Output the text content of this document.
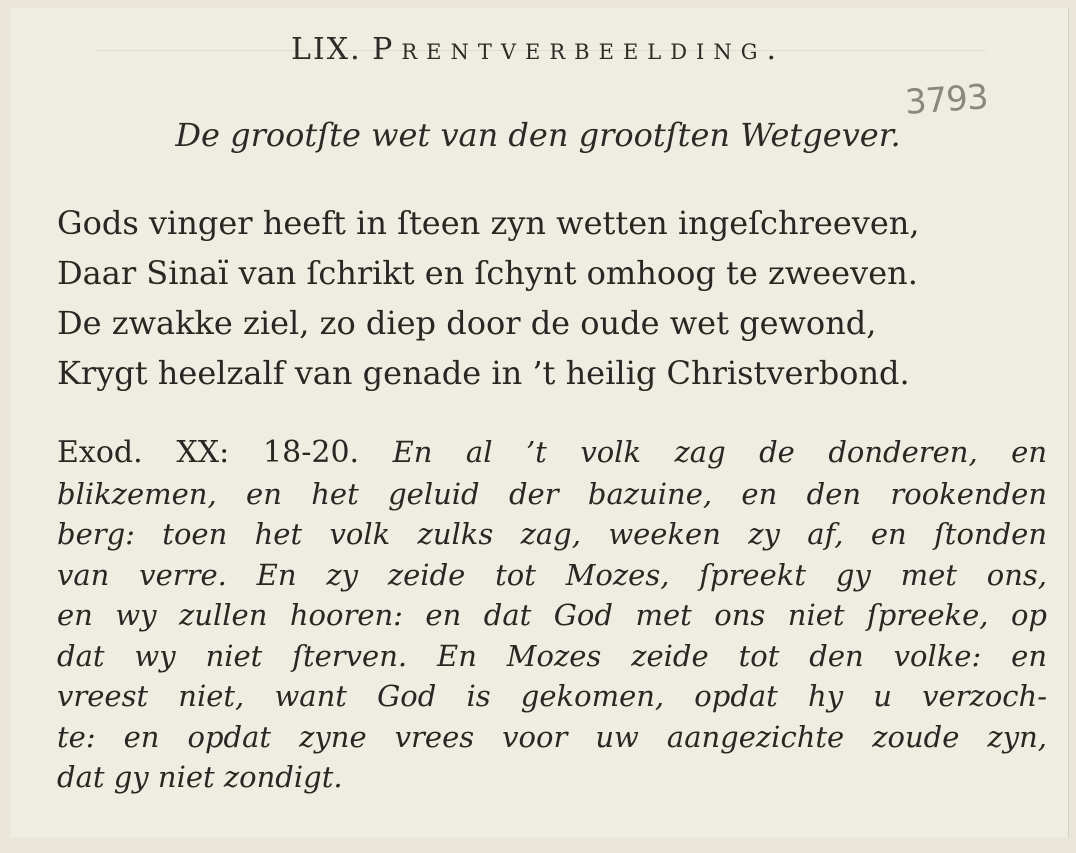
LIX. Prentverbeelding.
3793
De grootſte wet van den grootſten Wetgever.
Gods vinger heeft in ſteen zyn wetten ingeſchreeven,
Daar Sinaï van ſchrikt en ſchynt omhoog te zweeven.
De zwakke ziel, zo diep door de oude wet gewond,
Krygt heelzalf van genade in ’t heilig Christverbond.
Exod. XX: 18-20. En al ’t volk zag de donderen, en
blikzemen, en het geluid der bazuine, en den rookenden
berg: toen het volk zulks zag, weeken zy af, en ſtonden
van verre. En zy zeide tot Mozes, ſpreekt gy met ons,
en wy zullen hooren: en dat God met ons niet ſpreeke, op
dat wy niet ſterven. En Mozes zeide tot den volke: en
vreest niet, want God is gekomen, opdat hy u verzoch-
te: en opdat zyne vrees voor uw aangezichte zoude zyn,
dat gy niet zondigt.
